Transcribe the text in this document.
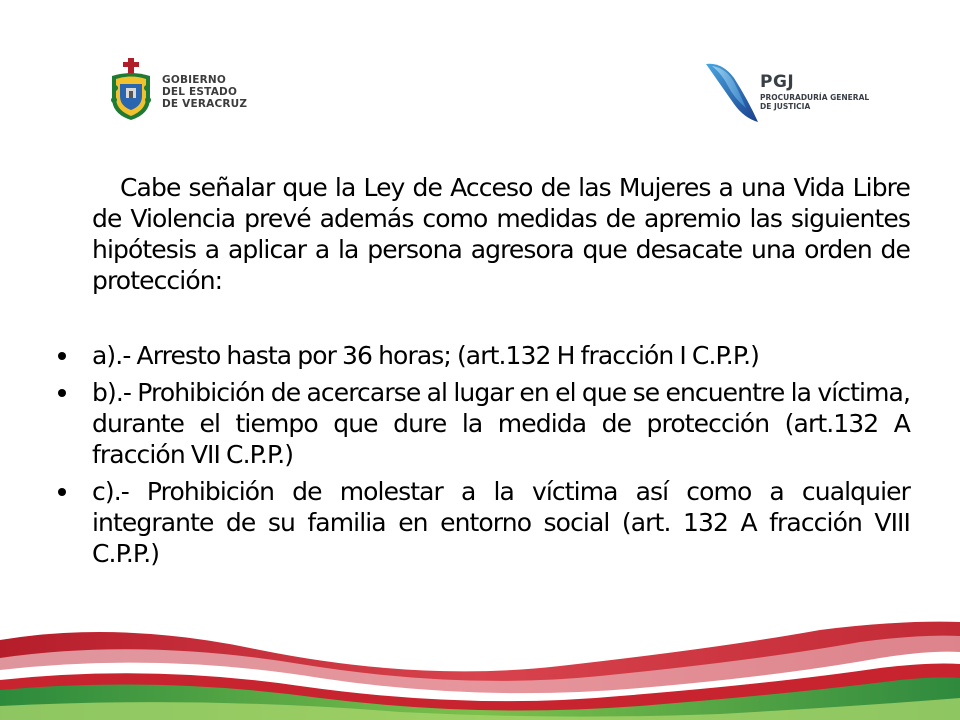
GOBIERNO
DEL ESTADO
DE VERACRUZ
PGJ
PROCURADURÍA GENERAL
DE JUSTICIA

Cabe señalar que la Ley de Acceso de las Mujeres a una Vida Libre de Violencia prevé además como medidas de apremio las siguientes hipótesis a aplicar a la persona agresora que desacate una orden de protección:

a).- Arresto hasta por 36 horas; (art.132 H fracción I C.P.P.)
b).- Prohibición de acercarse al lugar en el que se encuentre la víctima, durante el tiempo que dure la medida de protección (art.132 A fracción VII C.P.P.)
c).- Prohibición de molestar a la víctima así como a cualquier integrante de su familia en entorno social (art. 132 A fracción VIII C.P.P.)
